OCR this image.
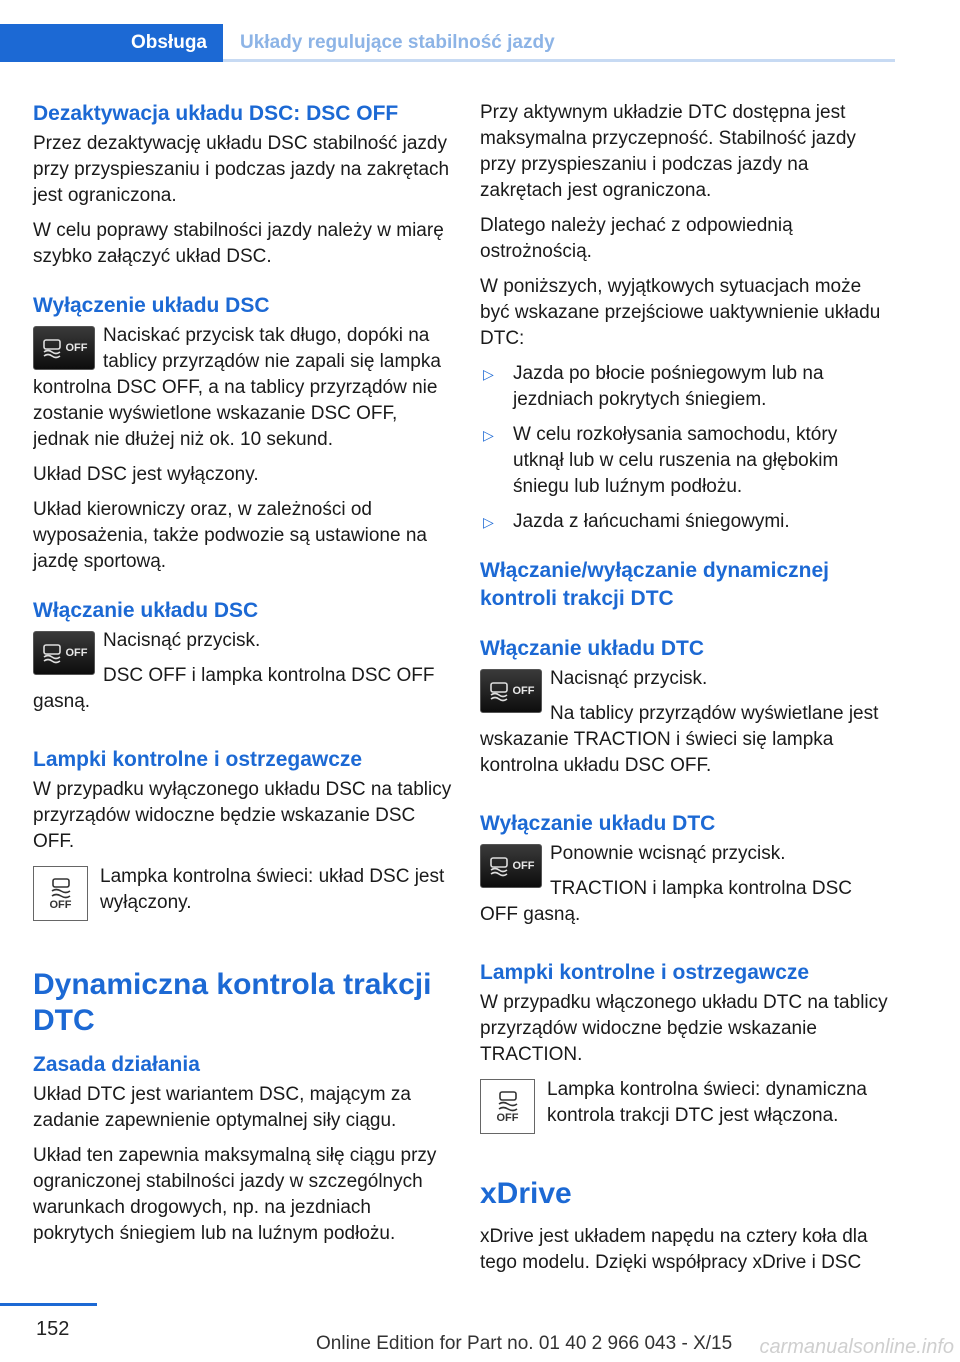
Obsługa	Układy regulujące stabilność jazdy
Dezaktywacja układu DSC: DSC OFF

Przez dezaktywację układu DSC stabilność jazdy przy przyspieszaniu i podczas jazdy na zakrętach jest ograniczona.

W celu poprawy stabilności jazdy należy w miarę szybko załączyć układ DSC.

Wyłączenie układu DSC
OFF

Naciskać przycisk tak długo, dopóki na tablicy przyrządów nie zapali się lampka kontrolna DSC OFF, a na tablicy przyrządów nie zostanie wyświetlone wskazanie DSC OFF, jednak nie dłużej niż ok. 10 sekund.

Układ DSC jest wyłączony.

Układ kierowniczy oraz, w zależności od wyposażenia, także podwozie są ustawione na jazdę sportową.

Włączanie układu DSC
OFF

Nacisnąć przycisk.

DSC OFF i lampka kontrolna DSC OFF gasną.

Lampki kontrolne i ostrzegawcze

W przypadku wyłączonego układu DSC na tablicy przyrządów widoczne będzie wskazanie DSC OFF.

OFF

Lampka kontrolna świeci: układ DSC jest wyłączony.

Dynamiczna kontrola trakcji DTC
Zasada działania

Układ DTC jest wariantem DSC, mającym za zadanie zapewnienie optymalnej siły ciągu.

Układ ten zapewnia maksymalną siłę ciągu przy ograniczonej stabilności jazdy w szczególnych warunkach drogowych, np. na jezdniach pokrytych śniegiem lub na luźnym podłożu.

Przy aktywnym układzie DTC dostępna jest maksymalna przyczepność. Stabilność jazdy przy przyspieszaniu i podczas jazdy na zakrętach jest ograniczona.

Dlatego należy jechać z odpowiednią ostrożnością.

W poniższych, wyjątkowych sytuacjach może być wskazane przejściowe uaktywnienie układu DTC:

▷ Jazda po błocie pośniegowym lub na jezdniach pokrytych śniegiem.
▷ W celu rozkołysania samochodu, który utknął lub w celu ruszenia na głębokim śniegu lub luźnym podłożu.
▷ Jazda z łańcuchami śniegowymi.
Włączanie/wyłączanie dynamicznej kontroli trakcji DTC
Włączanie układu DTC
OFF

Nacisnąć przycisk.

Na tablicy przyrządów wyświetlane jest wskazanie TRACTION i świeci się lampka kontrolna układu DSC OFF.

Wyłączanie układu DTC
OFF

Ponownie wcisnąć przycisk.

TRACTION i lampka kontrolna DSC OFF gasną.

Lampki kontrolne i ostrzegawcze

W przypadku włączonego układu DTC na tablicy przyrządów widoczne będzie wskazanie TRACTION.

OFF

Lampka kontrolna świeci: dynamiczna kontrola trakcji DTC jest włączona.

xDrive

xDrive jest układem napędu na cztery koła dla tego modelu. Dzięki współpracy xDrive i DSC

152
Online Edition for Part no. 01 40 2 966 043 - X/15 carmanualsonline.info
